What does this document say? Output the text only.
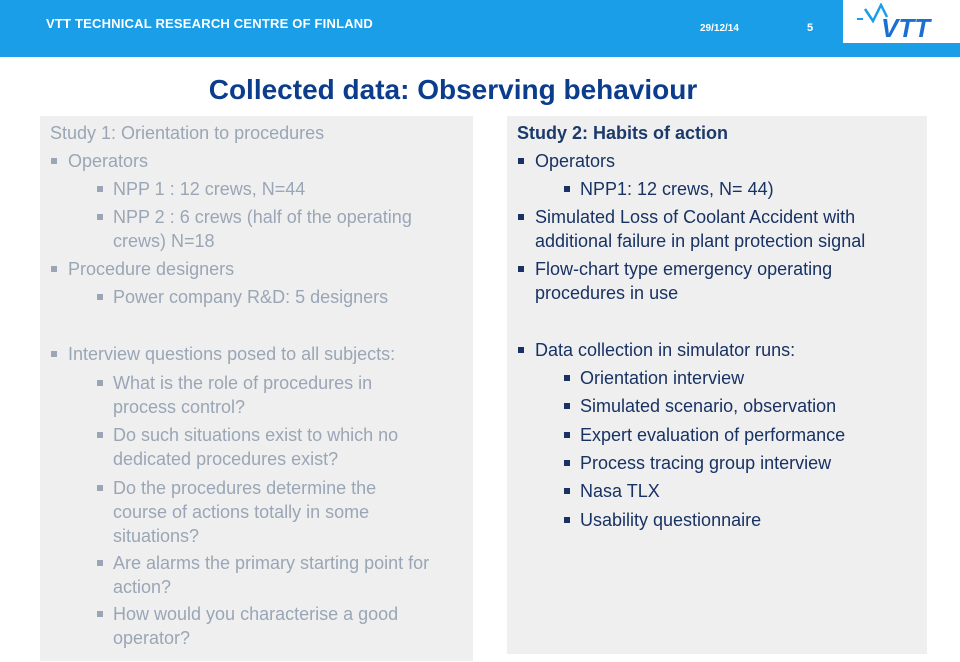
VTT TECHNICAL RESEARCH CENTRE OF FINLAND	29/12/14	5	VTT
Collected data: Observing behaviour
Study 1: Orientation to procedures
Operators
NPP 1 : 12 crews, N=44
NPP 2 : 6 crews (half of the operating
crews) N=18
Procedure designers
Power company R&D: 5 designers
Interview questions posed to all subjects:
What is the role of procedures in
process control?
Do such situations exist to which no
dedicated procedures exist?
Do the procedures determine the
course of actions totally in some
situations?
Are alarms the primary starting point for
action?
How would you characterise a good
operator?
Study 2: Habits of action
Operators
NPP1: 12 crews, N= 44)
Simulated Loss of Coolant Accident with
additional failure in plant protection signal
Flow-chart type emergency operating
procedures in use
Data collection in simulator runs:
Orientation interview
Simulated scenario, observation
Expert evaluation of performance
Process tracing group interview
Nasa TLX
Usability questionnaire
